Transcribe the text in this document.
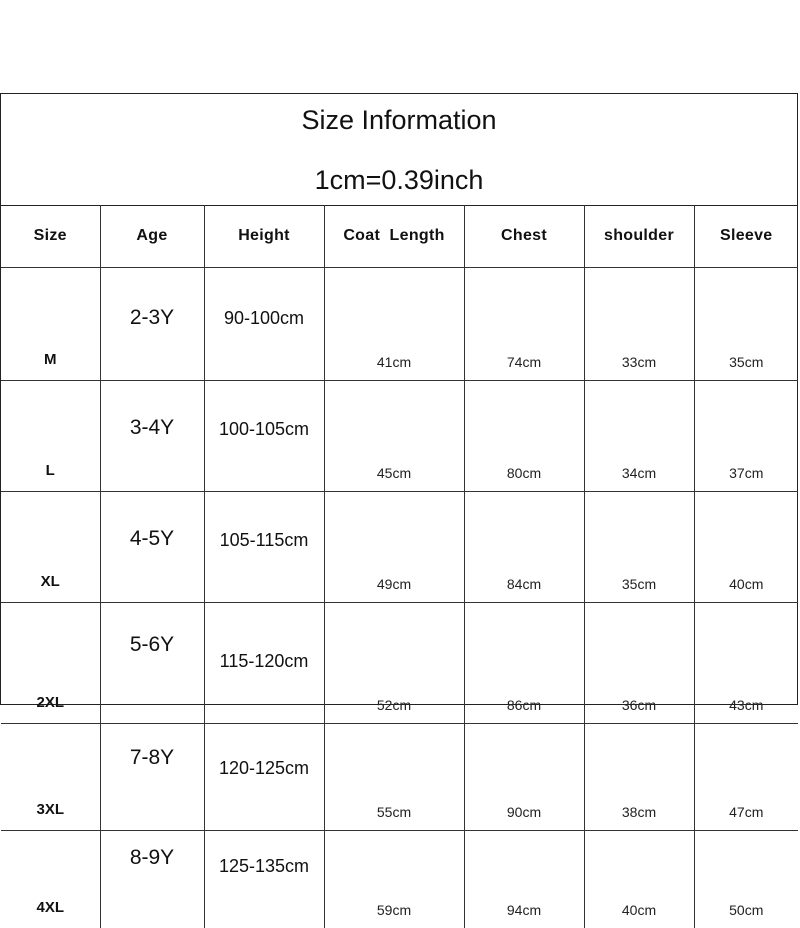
Size Information
1cm=0.39inch
Size	Age	Height	Coat  Length	Chest	shoulder	Sleeve
M	2-3Y	90-100cm	41cm	74cm	33cm	35cm
L	3-4Y	100-105cm	45cm	80cm	34cm	37cm
XL	4-5Y	105-115cm	49cm	84cm	35cm	40cm
2XL	5-6Y	115-120cm	52cm	86cm	36cm	43cm
3XL	7-8Y	120-125cm	55cm	90cm	38cm	47cm
4XL	8-9Y	125-135cm	59cm	94cm	40cm	50cm
